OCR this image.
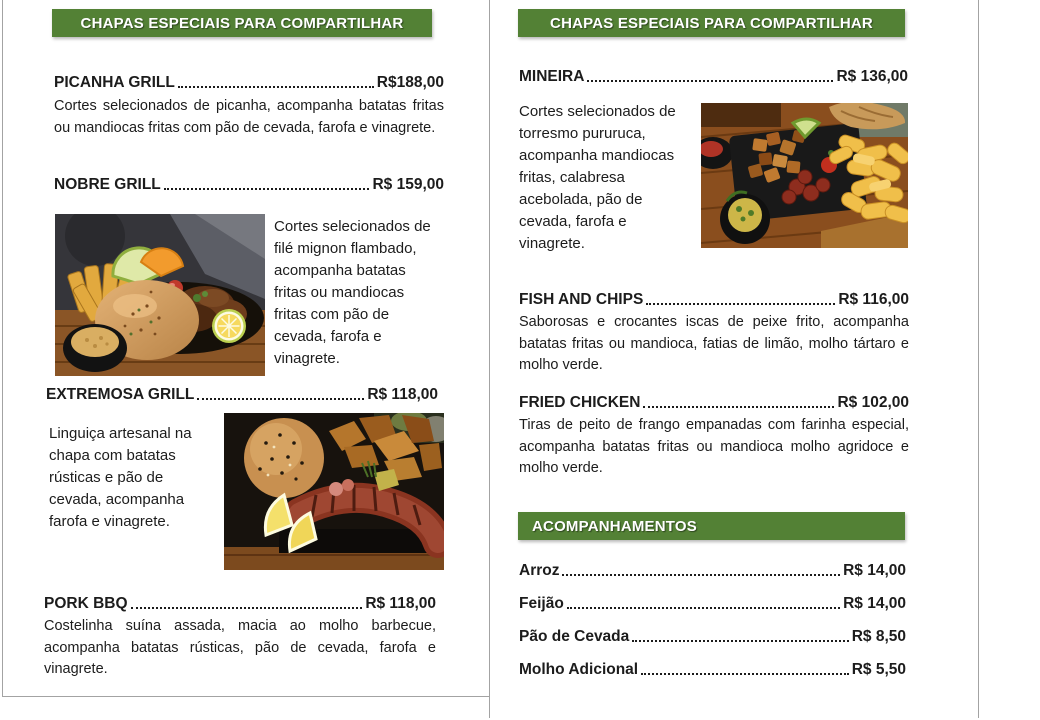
CHAPAS ESPECIAIS PARA COMPARTILHAR
PICANHA GRILL	R$188,00
Cortes selecionados de picanha, acompanha batatas fritas ou mandiocas fritas com pão de cevada, farofa e vinagrete.
NOBRE GRILL	R$ 159,00
Cortes selecionados de filé mignon flambado, acompanha batatas fritas ou mandiocas fritas com pão de cevada, farofa e vinagrete.
EXTREMOSA GRILL	R$ 118,00
Linguiça artesanal na chapa com batatas rústicas e pão de cevada, acompanha farofa e vinagrete.
PORK BBQ	R$ 118,00
Costelinha suína assada, macia ao molho barbecue, acompanha batatas rústicas, pão de cevada, farofa e vinagrete.
CHAPAS ESPECIAIS PARA COMPARTILHAR
MINEIRA	R$ 136,00
Cortes selecionados de torresmo pururuca, acompanha mandiocas fritas, calabresa acebolada, pão de cevada, farofa e vinagrete.
FISH AND CHIPS	R$ 116,00
Saborosas e crocantes iscas de peixe frito, acompanha batatas fritas ou mandioca, fatias de limão, molho tártaro e molho verde.
FRIED CHICKEN	R$ 102,00
Tiras de peito de frango empanadas com farinha especial, acompanha batatas fritas ou mandioca molho agridoce e molho verde.
ACOMPANHAMENTOS
Arroz	R$ 14,00
Feijão	R$ 14,00
Pão de Cevada	R$ 8,50
Molho Adicional	R$ 5,50
